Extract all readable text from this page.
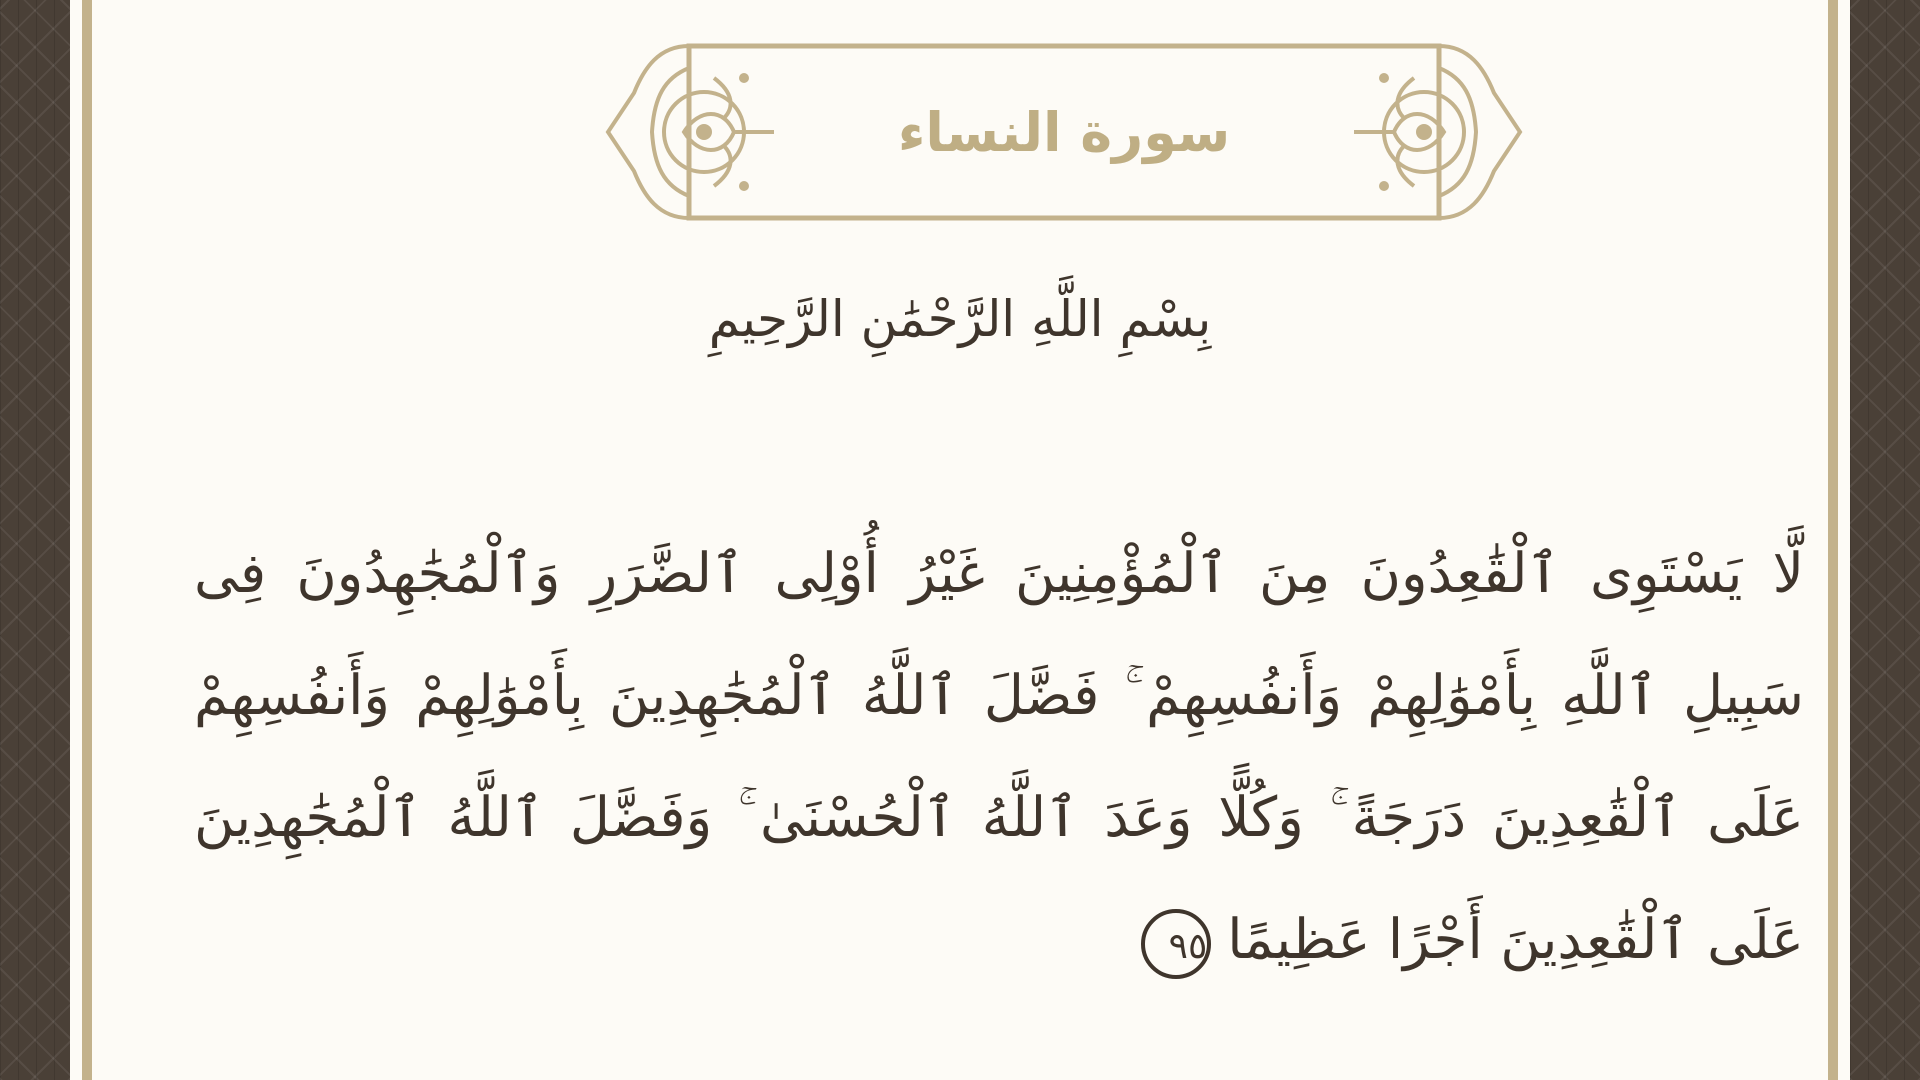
سورة النساء
بِسْمِ اللَّهِ الرَّحْمَٰنِ الرَّحِيمِ

لَّا يَسْتَوِى ٱلْقَٰعِدُونَ مِنَ ٱلْمُؤْمِنِينَ غَيْرُ أُوْلِى ٱلضَّرَرِ وَٱلْمُجَٰهِدُونَ فِى سَبِيلِ ٱللَّهِ بِأَمْوَٰلِهِمْ وَأَنفُسِهِمْ ۚ فَضَّلَ ٱللَّهُ ٱلْمُجَٰهِدِينَ بِأَمْوَٰلِهِمْ وَأَنفُسِهِمْ عَلَى ٱلْقَٰعِدِينَ دَرَجَةً ۚ وَكُلًّا وَعَدَ ٱللَّهُ ٱلْحُسْنَىٰ ۚ وَفَضَّلَ ٱللَّهُ ٱلْمُجَٰهِدِينَ عَلَى ٱلْقَٰعِدِينَ أَجْرًا عَظِيمًا٩٥
